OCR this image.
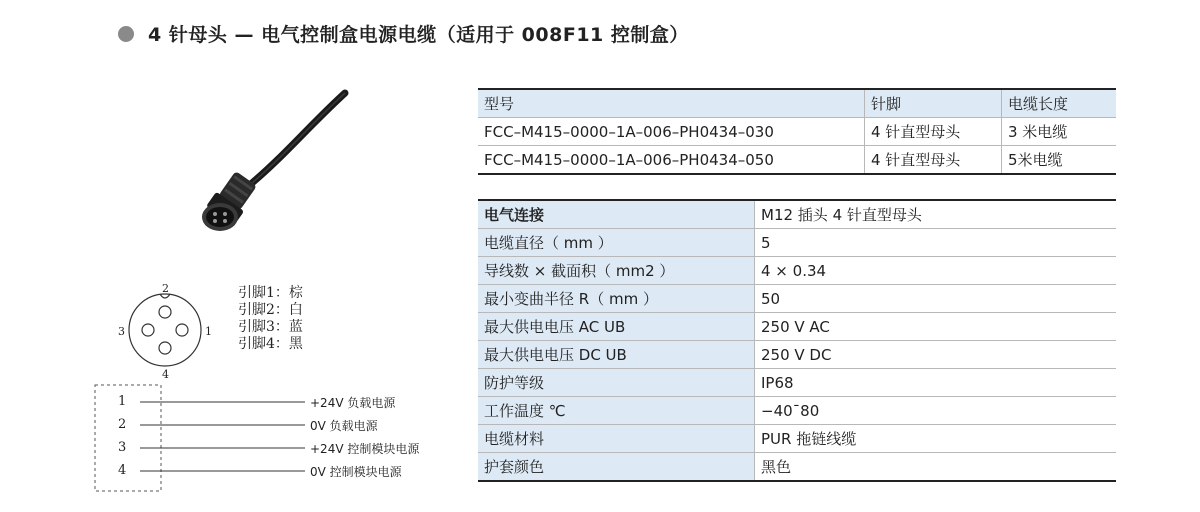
4 针母头 — 电气控制盒电源电缆（适用于 008F11 控制盒）
2
3	1
4
引脚1：棕
引脚2：白
引脚3：蓝
引脚4：黑
1
2
3
4
+24V 负载电源
0V 负载电源
+24V 控制模块电源
0V 控制模块电源
型号	针脚	电缆长度
FCC–M415–0000–1A–006–PH0434–030	4 针直型母头	3 米电缆
FCC–M415–0000–1A–006–PH0434–050	4 针直型母头	5米电缆
电气连接	M12 插头 4 针直型母头
电缆直径（ mm ）	5
导线数 × 截面积（ mm2 ）	4 × 0.34
最小变曲半径 R（ mm ）	50
最大供电电压 AC UB	250 V AC
最大供电电压 DC UB	250 V DC
防护等级	IP68
工作温度 ℃	−40¯80
电缆材料	PUR 拖链线缆
护套颜色	黑色
